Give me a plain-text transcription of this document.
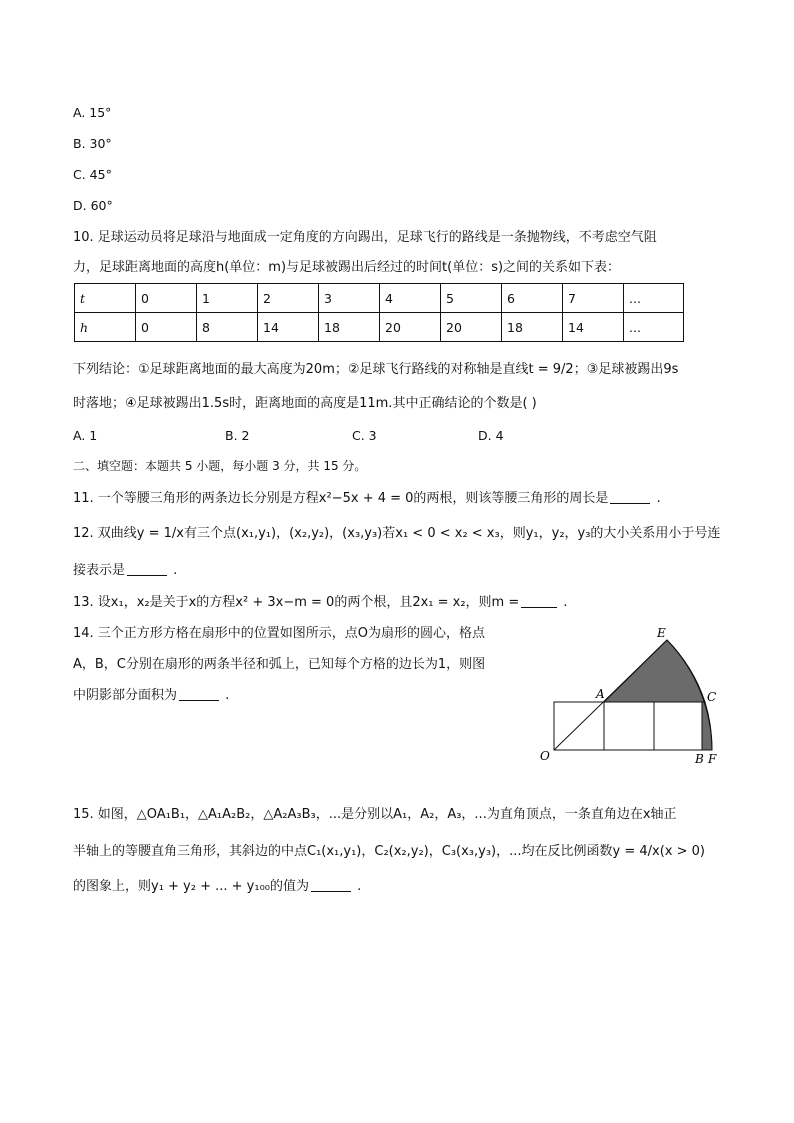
A. 15°
B. 30°
C. 45°
D. 60°
10. 足球运动员将足球沿与地面成一定角度的方向踢出，足球飞行的路线是一条抛物线，不考虑空气阻
力，足球距离地面的高度h(单位：m)与足球被踢出后经过的时间t(单位：s)之间的关系如下表：
t	0	1	2	3	4	5	6	7	...
h	0	8	14	18	20	20	18	14	...
下列结论：①足球距离地面的最大高度为20m；②足球飞行路线的对称轴是直线t = 9/2；③足球被踢出9s
时落地；④足球被踢出1.5s时，距离地面的高度是11m.其中正确结论的个数是( )
A. 1	B. 2	C. 3	D. 4
二、填空题：本题共 5 小题，每小题 3 分，共 15 分。
11. 一个等腰三角形的两条边长分别是方程x²−5x + 4 = 0的两根，则该等腰三角形的周长是	.
12. 双曲线y = 1/x有三个点(x₁,y₁)，(x₂,y₂)，(x₃,y₃)若x₁ < 0 < x₂ < x₃，则y₁，y₂，y₃的大小关系用小于号连
接表示是	.
13. 设x₁，x₂是关于x的方程x² + 3x−m = 0的两个根，且2x₁ = x₂，则m =	.
14. 三个正方形方格在扇形中的位置如图所示，点O为扇形的圆心，格点
A，B，C分别在扇形的两条半径和弧上，已知每个方格的边长为1，则图
中阴影部分面积为	.
E
A	C
O	B F
15. 如图，△OA₁B₁，△A₁A₂B₂，△A₂A₃B₃，...是分别以A₁，A₂，A₃，...为直角顶点，一条直角边在x轴正
半轴上的等腰直角三角形，其斜边的中点C₁(x₁,y₁)，C₂(x₂,y₂)，C₃(x₃,y₃)，...均在反比例函数y = 4/x(x > 0)
的图象上，则y₁ + y₂ + ... + y₁₀₀的值为	.
